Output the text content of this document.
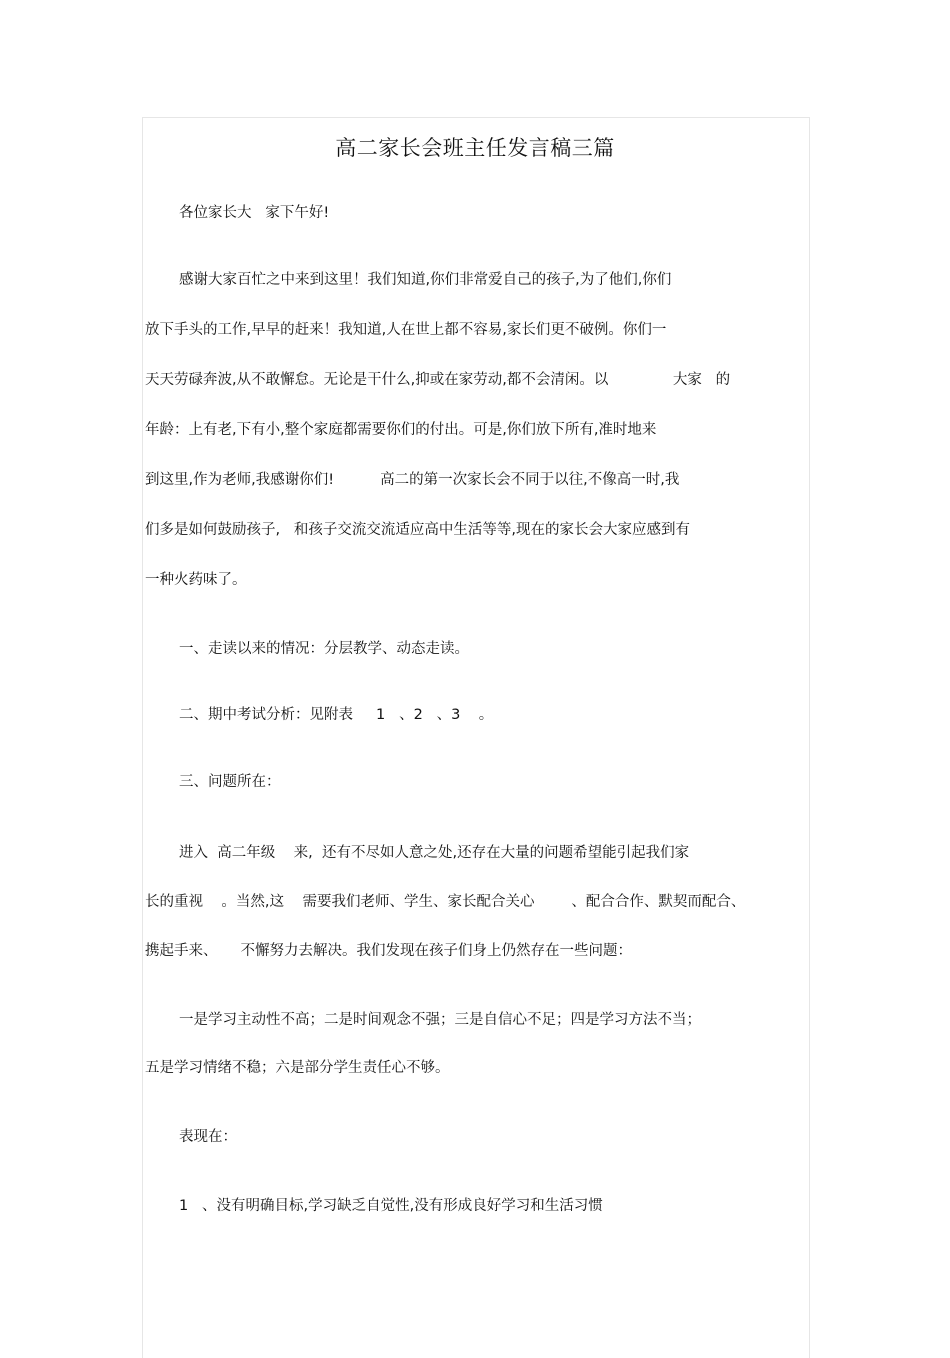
高二家长会班主任发言稿三篇
各位家长大   家下午好!
感谢大家百忙之中来到这里！我们知道,你们非常爱自己的孩子,为了他们,你们
放下手头的工作,早早的赶来！我知道,人在世上都不容易,家长们更不破例。你们一
天天劳碌奔波,从不敢懈怠。无论是干什么,抑或在家劳动,都不会清闲。以              大家   的
年龄：上有老,下有小,整个家庭都需要你们的付出。可是,你们放下所有,准时地来
到这里,作为老师,我感谢你们!          高二的第一次家长会不同于以往,不像高一时,我
们多是如何鼓励孩子,   和孩子交流交流适应高中生活等等,现在的家长会大家应感到有
一种火药味了。
一、走读以来的情况：分层教学、动态走读。
二、期中考试分析：见附表     1   、2   、3    。
三、问题所在：
进入  高二年级    来,  还有不尽如人意之处,还存在大量的问题希望能引起我们家
长的重视    。当然,这    需要我们老师、学生、家长配合关心        、配合合作、默契而配合、
携起手来、     不懈努力去解决。我们发现在孩子们身上仍然存在一些问题：
一是学习主动性不高；二是时间观念不强；三是自信心不足；四是学习方法不当；
五是学习情绪不稳；六是部分学生责任心不够。
表现在：
1   、没有明确目标,学习缺乏自觉性,没有形成良好学习和生活习惯
